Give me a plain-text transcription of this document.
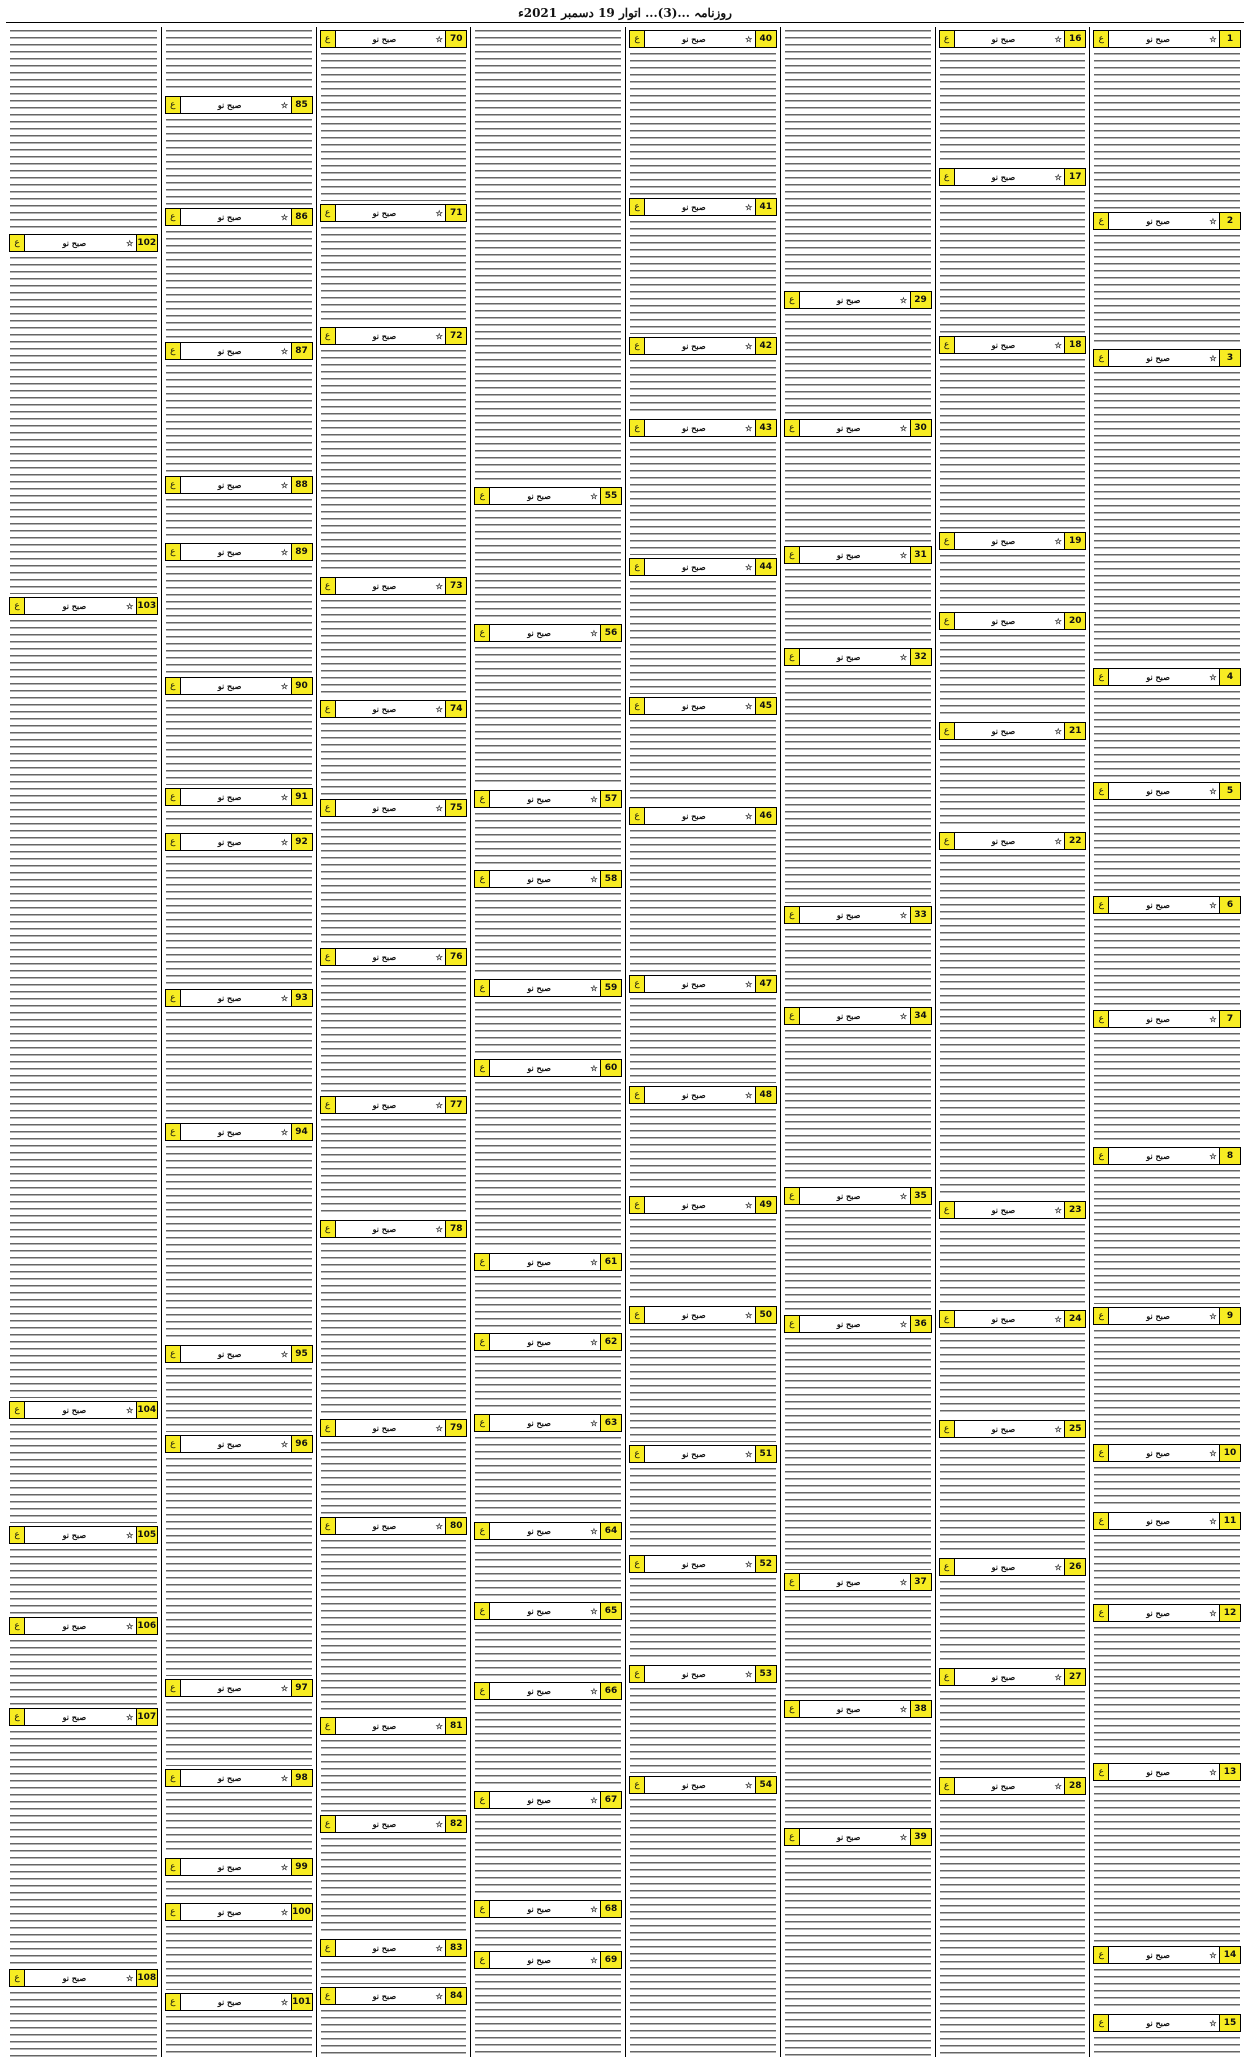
روزنامہ ...(3)... اتوار 19 دسمبر 2021ء
1
☆
صبح نو
ع
2
☆
صبح نو
ع
3
☆
صبح نو
ع
4
☆
صبح نو
ع
5
☆
صبح نو
ع
6
☆
صبح نو
ع
7
☆
صبح نو
ع
8
☆
صبح نو
ع
9
☆
صبح نو
ع
10
☆
صبح نو
ع
11
☆
صبح نو
ع
12
☆
صبح نو
ع
13
☆
صبح نو
ع
14
☆
صبح نو
ع
15
☆
صبح نو
ع
16
☆
صبح نو
ع
17
☆
صبح نو
ع
18
☆
صبح نو
ع
19
☆
صبح نو
ع
20
☆
صبح نو
ع
21
☆
صبح نو
ع
22
☆
صبح نو
ع
23
☆
صبح نو
ع
24
☆
صبح نو
ع
25
☆
صبح نو
ع
26
☆
صبح نو
ع
27
☆
صبح نو
ع
28
☆
صبح نو
ع
29
☆
صبح نو
ع
30
☆
صبح نو
ع
31
☆
صبح نو
ع
32
☆
صبح نو
ع
33
☆
صبح نو
ع
34
☆
صبح نو
ع
35
☆
صبح نو
ع
36
☆
صبح نو
ع
37
☆
صبح نو
ع
38
☆
صبح نو
ع
39
☆
صبح نو
ع
40
☆
صبح نو
ع
41
☆
صبح نو
ع
42
☆
صبح نو
ع
43
☆
صبح نو
ع
44
☆
صبح نو
ع
45
☆
صبح نو
ع
46
☆
صبح نو
ع
47
☆
صبح نو
ع
48
☆
صبح نو
ع
49
☆
صبح نو
ع
50
☆
صبح نو
ع
51
☆
صبح نو
ع
52
☆
صبح نو
ع
53
☆
صبح نو
ع
54
☆
صبح نو
ع
55
☆
صبح نو
ع
56
☆
صبح نو
ع
57
☆
صبح نو
ع
58
☆
صبح نو
ع
59
☆
صبح نو
ع
60
☆
صبح نو
ع
61
☆
صبح نو
ع
62
☆
صبح نو
ع
63
☆
صبح نو
ع
64
☆
صبح نو
ع
65
☆
صبح نو
ع
66
☆
صبح نو
ع
67
☆
صبح نو
ع
68
☆
صبح نو
ع
69
☆
صبح نو
ع
70
☆
صبح نو
ع
71
☆
صبح نو
ع
72
☆
صبح نو
ع
73
☆
صبح نو
ع
74
☆
صبح نو
ع
75
☆
صبح نو
ع
76
☆
صبح نو
ع
77
☆
صبح نو
ع
78
☆
صبح نو
ع
79
☆
صبح نو
ع
80
☆
صبح نو
ع
81
☆
صبح نو
ع
82
☆
صبح نو
ع
83
☆
صبح نو
ع
84
☆
صبح نو
ع
85
☆
صبح نو
ع
86
☆
صبح نو
ع
87
☆
صبح نو
ع
88
☆
صبح نو
ع
89
☆
صبح نو
ع
90
☆
صبح نو
ع
91
☆
صبح نو
ع
92
☆
صبح نو
ع
93
☆
صبح نو
ع
94
☆
صبح نو
ع
95
☆
صبح نو
ع
96
☆
صبح نو
ع
97
☆
صبح نو
ع
98
☆
صبح نو
ع
99
☆
صبح نو
ع
100
☆
صبح نو
ع
101
☆
صبح نو
ع
102
☆
صبح نو
ع
103
☆
صبح نو
ع
104
☆
صبح نو
ع
105
☆
صبح نو
ع
106
☆
صبح نو
ع
107
☆
صبح نو
ع
108
☆
صبح نو
ع
